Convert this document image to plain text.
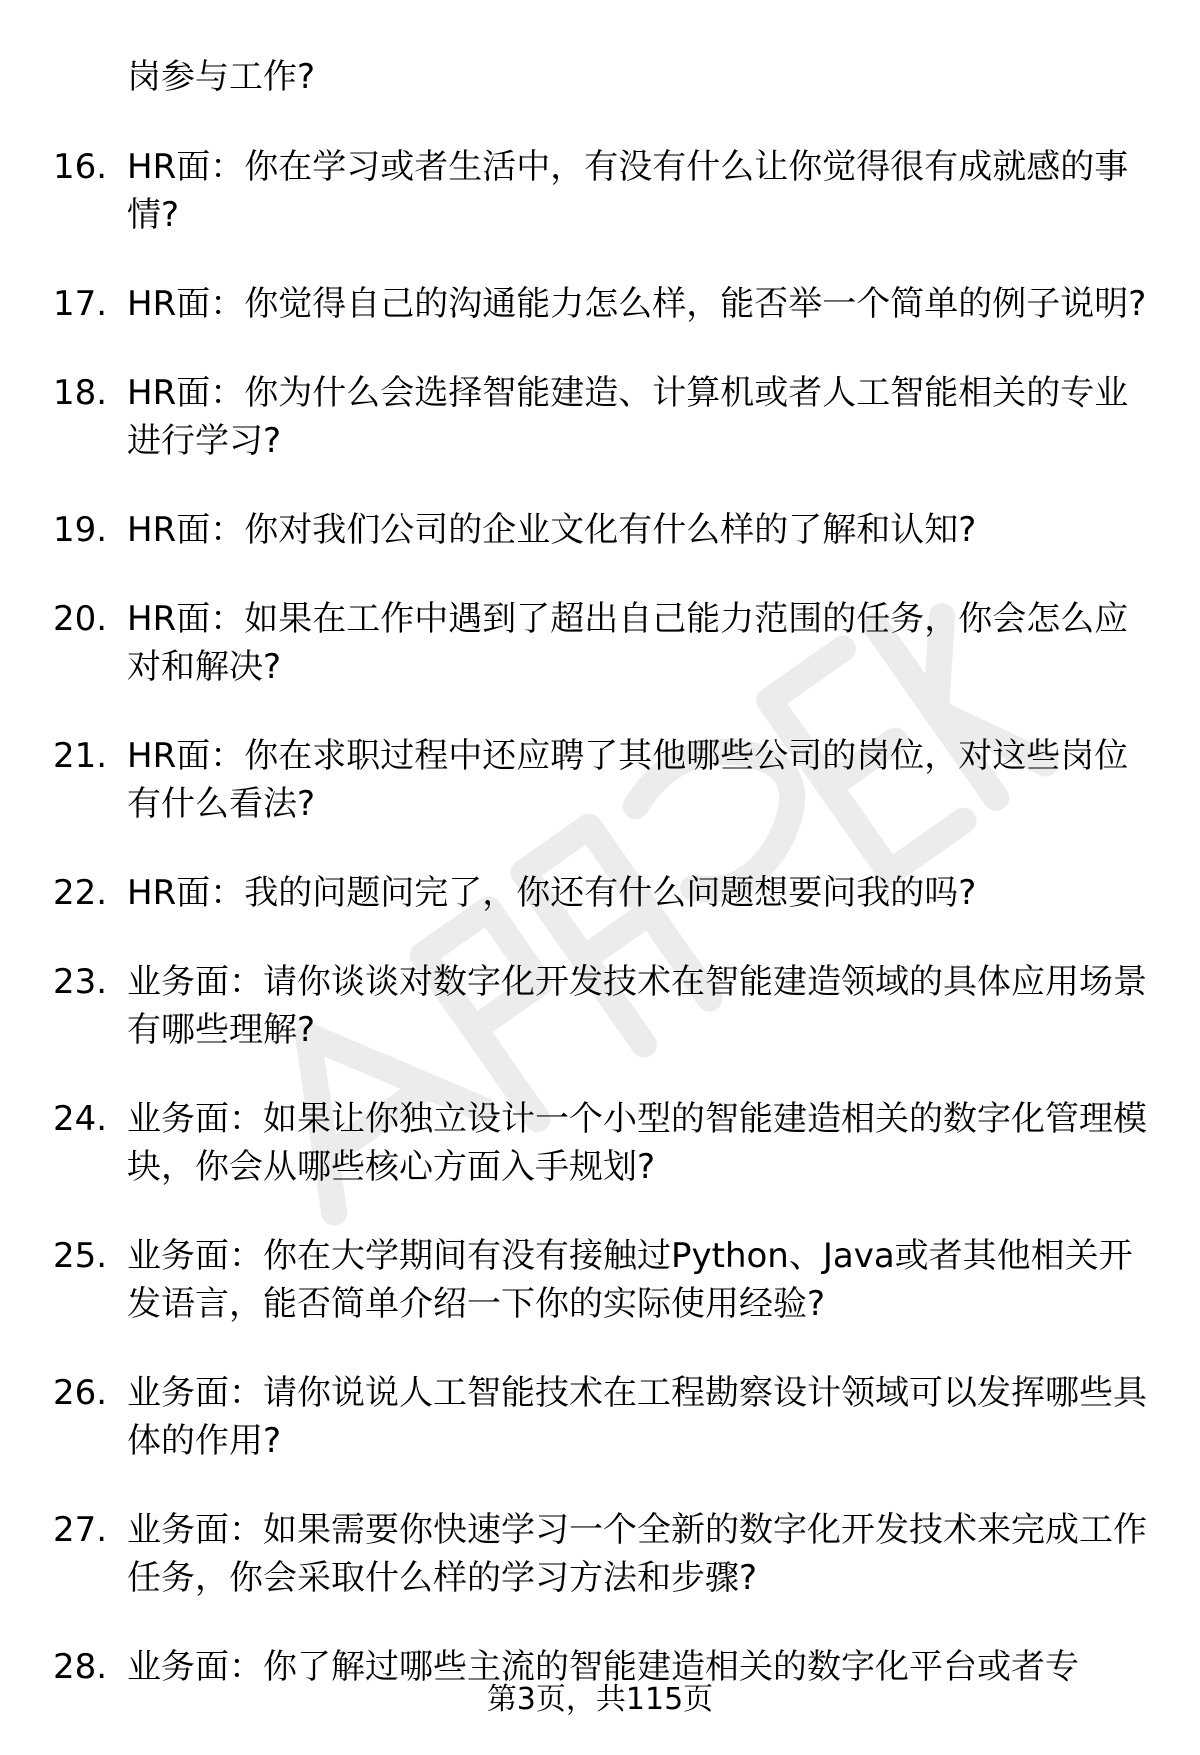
岗参与工作?
16. HR面：你在学习或者生活中，有没有什么让你觉得很有成就感的事情?
17. HR面：你觉得自己的沟通能力怎么样，能否举一个简单的例子说明?
18. HR面：你为什么会选择智能建造、计算机或者人工智能相关的专业进行学习?
19. HR面：你对我们公司的企业文化有什么样的了解和认知?
20. HR面：如果在工作中遇到了超出自己能力范围的任务，你会怎么应对和解决?
21. HR面：你在求职过程中还应聘了其他哪些公司的岗位，对这些岗位有什么看法?
22. HR面：我的问题问完了，你还有什么问题想要问我的吗?
23. 业务面：请你谈谈对数字化开发技术在智能建造领域的具体应用场景有哪些理解?
24. 业务面：如果让你独立设计一个小型的智能建造相关的数字化管理模块，你会从哪些核心方面入手规划?
25. 业务面：你在大学期间有没有接触过Python、Java或者其他相关开发语言，能否简单介绍一下你的实际使用经验?
26. 业务面：请你说说人工智能技术在工程勘察设计领域可以发挥哪些具体的作用?
27. 业务面：如果需要你快速学习一个全新的数字化开发技术来完成工作任务，你会采取什么样的学习方法和步骤?
28. 业务面：你了解过哪些主流的智能建造相关的数字化平台或者专
第3页，共115页
